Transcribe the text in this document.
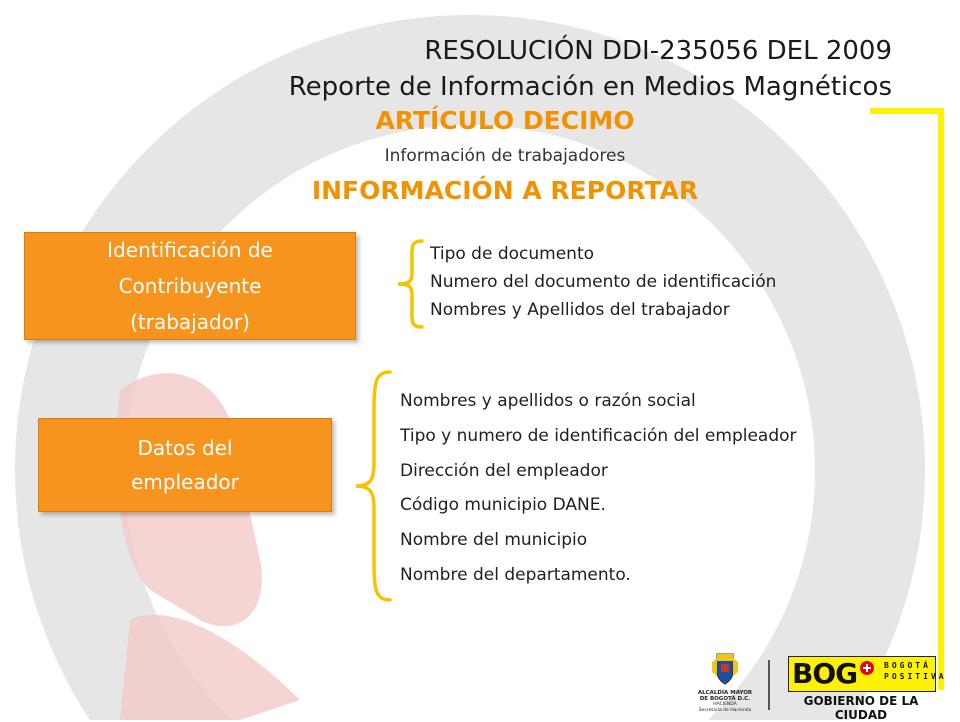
RESOLUCIÓN DDI-235056 DEL 2009
Reporte de Información en Medios Magnéticos
ARTÍCULO DECIMO
Información de trabajadores
INFORMACIÓN A REPORTAR
Identificación de
Contribuyente
(trabajador)
Tipo de documento
Numero del documento de identificación
Nombres y Apellidos del trabajador
Datos del
empleador
Nombres y apellidos o razón social
Tipo y numero de identificación del empleador
Dirección del empleador
Código municipio DANE.
Nombre del municipio
Nombre del departamento.
ALCALDÍA MAYOR
DE BOGOTÁ D.C.
HACIENDA
Secretaría de Hacienda
BOG	BOGOTÁ
POSITIVA
GOBIERNO DE LA CIUDAD
